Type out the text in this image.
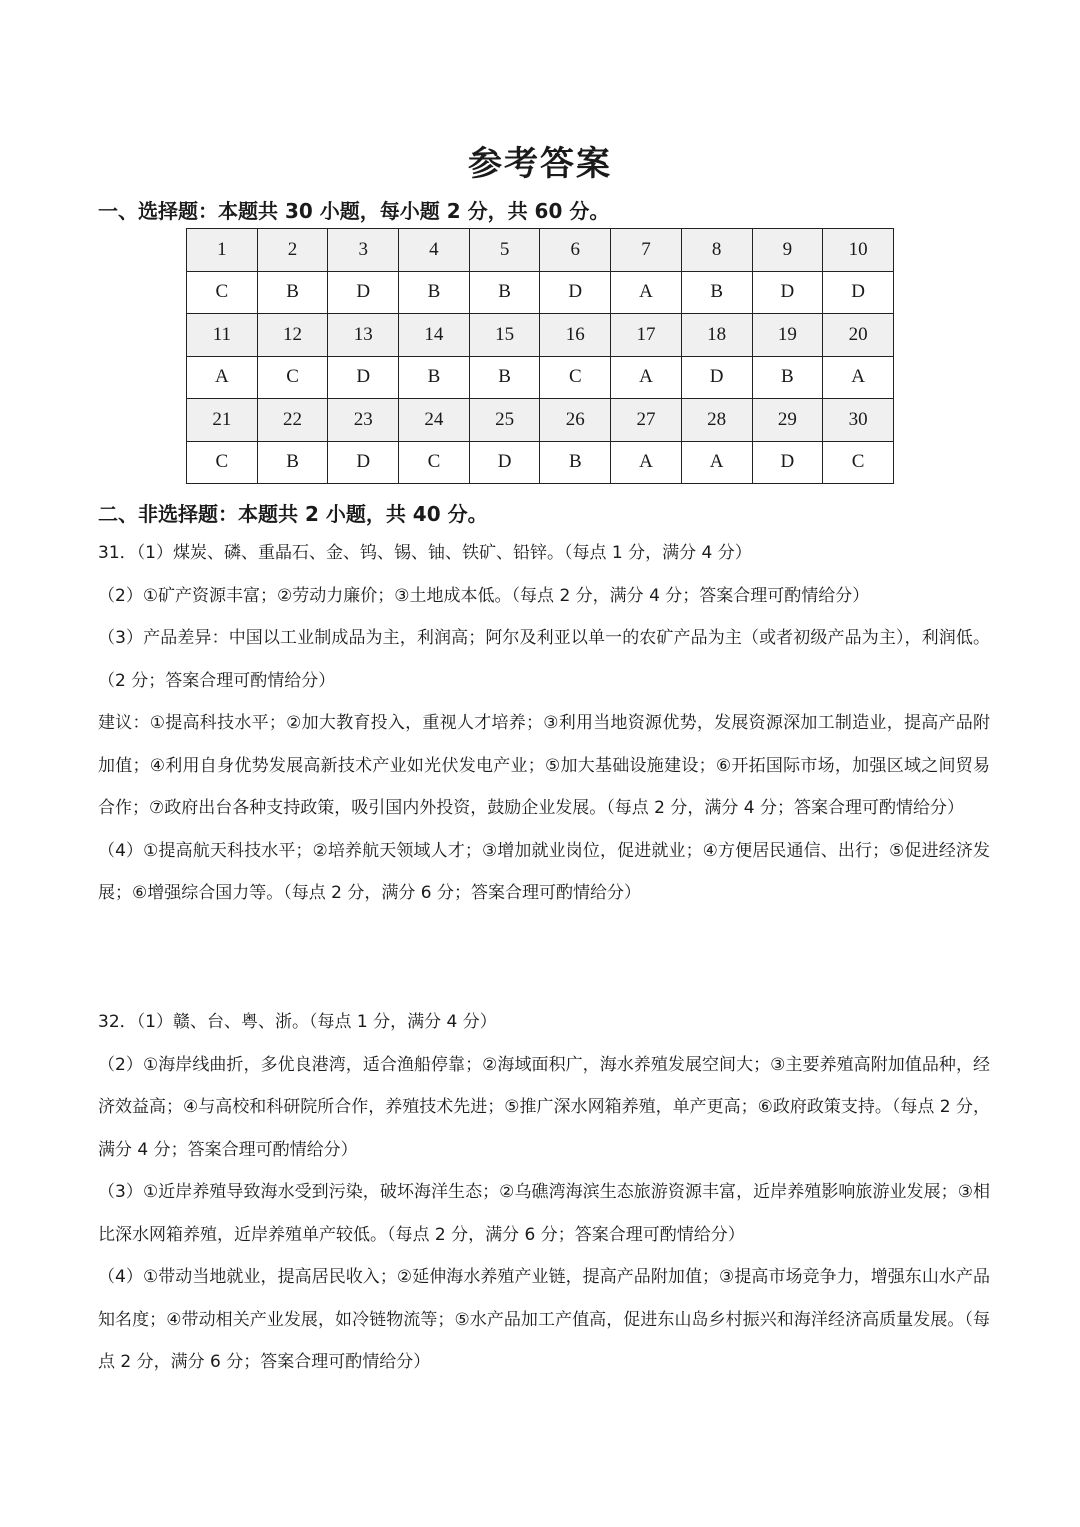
参考答案
一、选择题：本题共 30 小题，每小题 2 分，共 60 分。
1	2	3	4	5	6	7	8	9	10
C	B	D	B	B	D	A	B	D	D
11	12	13	14	15	16	17	18	19	20
A	C	D	B	B	C	A	D	B	A
21	22	23	24	25	26	27	28	29	30
C	B	D	C	D	B	A	A	D	C
二、非选择题：本题共 2 小题，共 40 分。

31．（1）煤炭、磷、重晶石、金、钨、锡、铀、铁矿、铅锌。（每点 1 分，满分 4 分）

（2）①矿产资源丰富；②劳动力廉价；③土地成本低。（每点 2 分，满分 4 分；答案合理可酌情给分）

（3）产品差异：中国以工业制成品为主，利润高；阿尔及利亚以单一的农矿产品为主（或者初级产品为主），利润低。（2 分；答案合理可酌情给分）

建议：①提高科技水平；②加大教育投入，重视人才培养；③利用当地资源优势，发展资源深加工制造业，提高产品附加值；④利用自身优势发展高新技术产业如光伏发电产业；⑤加大基础设施建设；⑥开拓国际市场，加强区域之间贸易合作；⑦政府出台各种支持政策，吸引国内外投资，鼓励企业发展。（每点 2 分，满分 4 分；答案合理可酌情给分）

（4）①提高航天科技水平；②培养航天领域人才；③增加就业岗位，促进就业；④方便居民通信、出行；⑤促进经济发展；⑥增强综合国力等。（每点 2 分，满分 6 分；答案合理可酌情给分）

32．（1）赣、台、粤、浙。（每点 1 分，满分 4 分）

（2）①海岸线曲折，多优良港湾，适合渔船停靠；②海域面积广，海水养殖发展空间大；③主要养殖高附加值品种，经济效益高；④与高校和科研院所合作，养殖技术先进；⑤推广深水网箱养殖，单产更高；⑥政府政策支持。（每点 2 分，满分 4 分；答案合理可酌情给分）

（3）①近岸养殖导致海水受到污染，破坏海洋生态；②乌礁湾海滨生态旅游资源丰富，近岸养殖影响旅游业发展；③相比深水网箱养殖，近岸养殖单产较低。（每点 2 分，满分 6 分；答案合理可酌情给分）

（4）①带动当地就业，提高居民收入；②延伸海水养殖产业链，提高产品附加值；③提高市场竞争力，增强东山水产品知名度；④带动相关产业发展，如冷链物流等；⑤水产品加工产值高，促进东山岛乡村振兴和海洋经济高质量发展。（每点 2 分，满分 6 分；答案合理可酌情给分）
